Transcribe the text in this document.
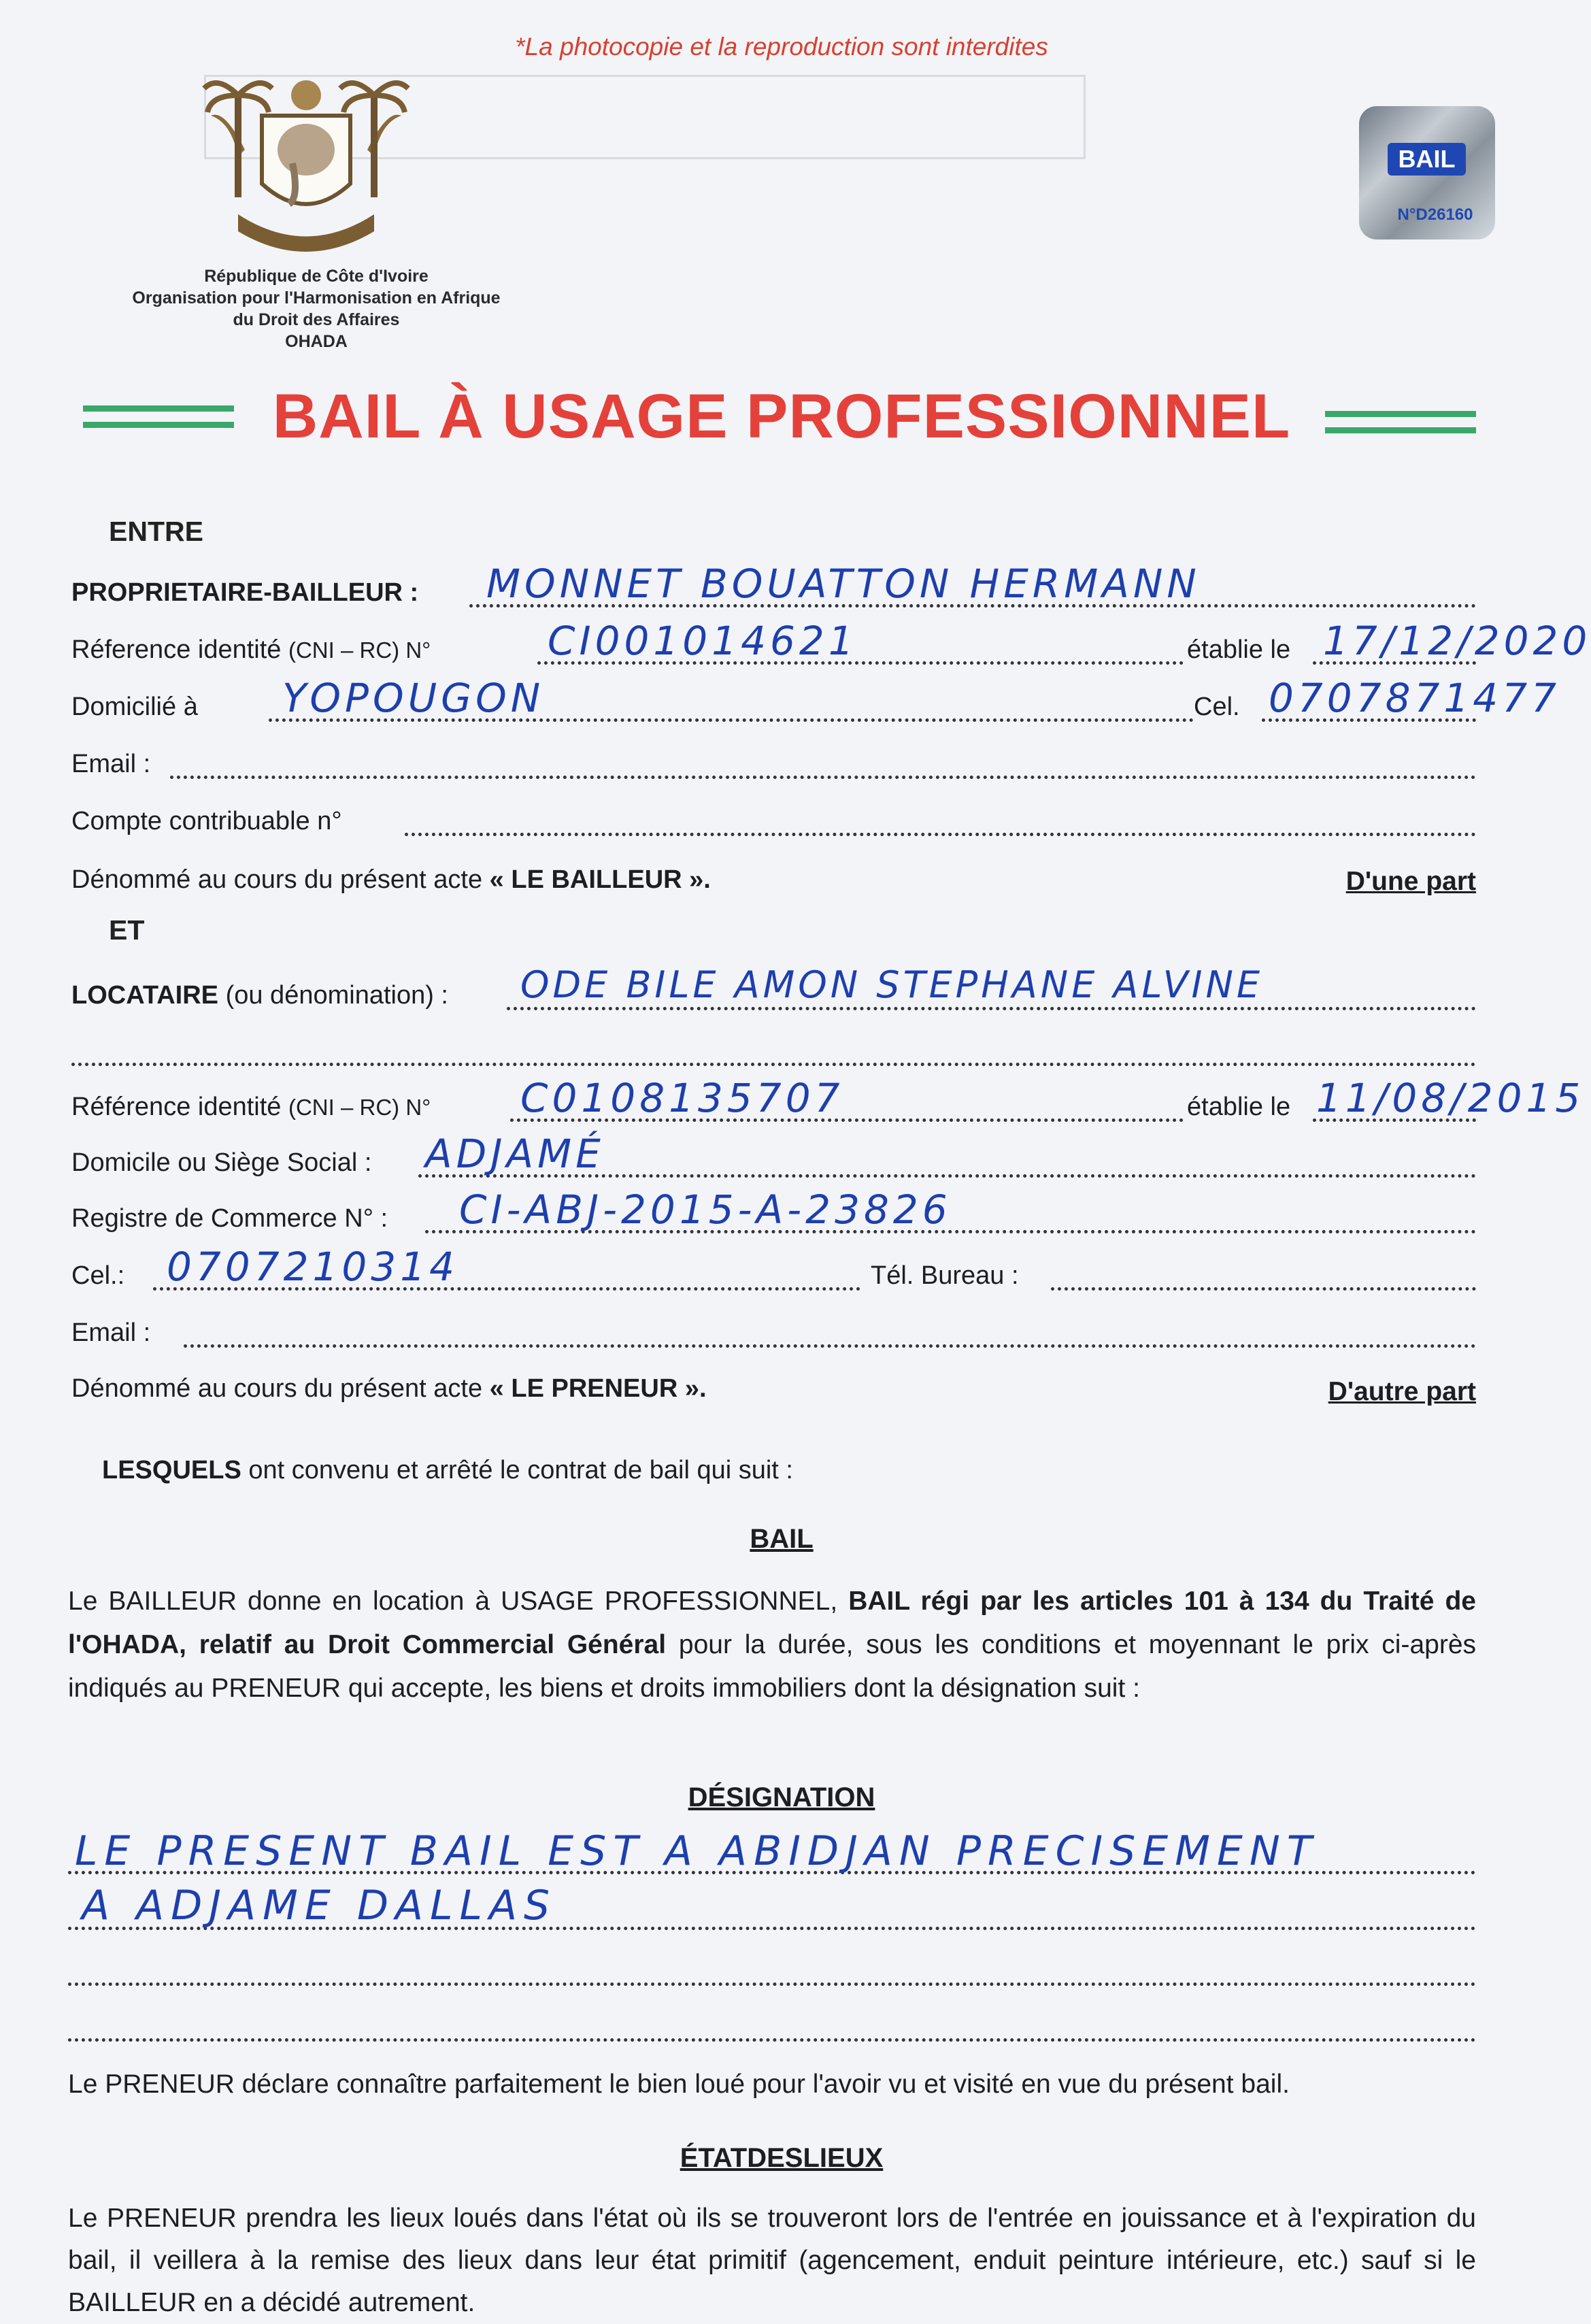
*La photocopie et la reproduction sont interdites
République de Côte d'Ivoire
Organisation pour l'Harmonisation en Afrique
du Droit des Affaires
OHADA
BAIL
N°D26160
BAIL À USAGE PROFESSIONNEL
ENTRE
PROPRIETAIRE-BAILLEUR : MONNET BOUATTON HERMANN
Réference identité (CNI – RC) N°	CI001014621	établie le 17/12/2020
Domicilié à YOPOUGON	Cel. 0707871477
Email :
Compte contribuable n°
Dénommé au cours du présent acte « LE BAILLEUR ».	D'une part
ET
LOCATAIRE (ou dénomination) : ODE BILE AMON STEPHANE ALVINE
Référence identité (CNI – RC) N° C0108135707	établie le 11/08/2015
Domicile ou Siège Social : ADJAMÉ
Registre de Commerce N° : CI-ABJ-2015-A-23826
Cel.: 0707210314	Tél. Bureau :
Email :
Dénommé au cours du présent acte « LE PRENEUR ».	D'autre part
LESQUELS ont convenu et arrêté le contrat de bail qui suit :
BAIL
Le BAILLEUR donne en location à USAGE PROFESSIONNEL, BAIL régi par les articles 101 à 134 du Traité de l'OHADA, relatif au Droit Commercial Général pour la durée, sous les conditions et moyennant le prix ci-après indiqués au PRENEUR qui accepte, les biens et droits immobiliers dont la désignation suit :
DÉSIGNATION
LE PRESENT BAIL EST A ABIDJAN PRECISEMENT
A ADJAME DALLAS
Le PRENEUR déclare connaître parfaitement le bien loué pour l'avoir vu et visité en vue du présent bail.
ÉTATDESLIEUX
Le PRENEUR prendra les lieux loués dans l'état où ils se trouveront lors de l'entrée en jouissance et à l'expiration du bail, il veillera à la remise des lieux dans leur état primitif (agencement, enduit peinture intérieure, etc.) sauf si le BAILLEUR en a décidé autrement.
